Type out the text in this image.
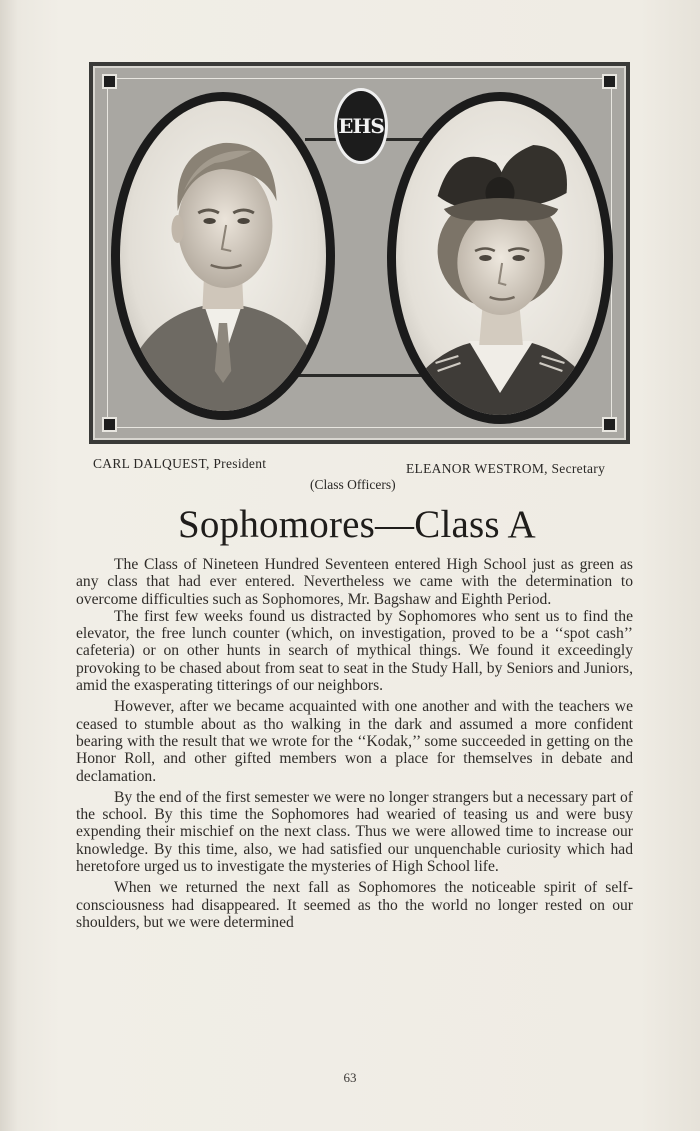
EHS
CARL DALQUEST, President	ELEANOR WESTROM, Secretary
(Class Officers)
Sophomores—Class A

The Class of Nineteen Hundred Seventeen entered High School just as green as any class that had ever entered. Nevertheless we came with the determination to overcome difficulties such as Sophomores, Mr. Bagshaw and Eighth Period.

The first few weeks found us distracted by Sophomores who sent us to find the elevator, the free lunch counter (which, on investigation, proved to be a ‘‘spot cash’’ cafeteria) or on other hunts in search of mythical things. We found it exceedingly provoking to be chased about from seat to seat in the Study Hall, by Seniors and Juniors, amid the exasperating titterings of our neighbors.

However, after we became acquainted with one another and with the teachers we ceased to stumble about as tho walking in the dark and assumed a more confident bearing with the result that we wrote for the ‘‘Kodak,’’ some succeeded in getting on the Honor Roll, and other gifted members won a place for themselves in debate and declamation.

By the end of the first semester we were no longer strangers but a necessary part of the school. By this time the Sophomores had wearied of teasing us and were busy expending their mischief on the next class. Thus we were allowed time to increase our knowledge. By this time, also, we had satisfied our unquenchable curiosity which had heretofore urged us to investigate the mysteries of High School life.

When we returned the next fall as Sophomores the noticeable spirit of self-consciousness had disappeared. It seemed as tho the world no longer rested on our shoulders, but we were determined

63
